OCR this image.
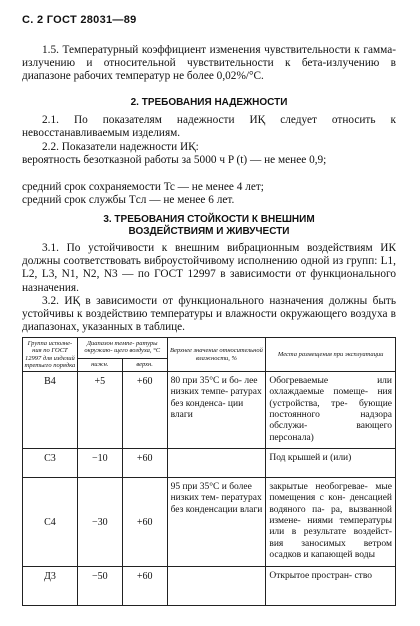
С. 2 ГОСТ 28031—89

1.5. Температурный коэффициент изменения чувствительности к гамма-излучению и относительной чувствительности к бета-излучению в диапазоне рабочих температур не более 0,02%/°С.

2. ТРЕБОВАНИЯ НАДЕЖНОСТИ

2.1. По показателям надежности ИҚ следует относить к невосстанавливаемым изделиям.

2.2. Показатели надежности ИҚ:

вероятность безотказной работы за 5000 ч P (t) — не менее 0,9;

средний срок сохраняемости Tc — не менее 4 лет;

средний срок службы Tсл — не менее 6 лет.

3. ТРЕБОВАНИЯ СТОЙКОСТИ К ВНЕШНИМ

ВОЗДЕЙСТВИЯМ И ЖИВУЧЕСТИ

3.1. По устойчивости к внешним вибрационным воздействиям ИК должны соответствовать виброустойчивому исполнению одной из групп: L1, L2, L3, N1, N2, N3 — по ГОСТ 12997 в зависимости от функционального назначения.

3.2. ИҚ в зависимости от функционального назначения должны быть устойчивы к воздействию температуры и влажности окружающего воздуха в диапазонах, указанных в таблице.

Группа исполне- ния по ГОСТ 12997 для изделий третьего порядка	Диапазон темпе- ратуры окружаю- щего воздуха, °С		Верхнее значение относительной влажности, %	Места размещения при эксплуатации
	нижн.	верхн.		
В4	+5	+60	80 при 35°С и бо- лее низких темпе- ратурах без конденса- ции влаги	Обогреваемые или охлаждаемые помеще- ния (устройства, тре- бующие постоянного надзора обслужи- вающего персонала)
С3	−10	+60		Под крышей и (или)
С4	−30	+60	95 при 35°С и более низких тем- пературах без конденсации влаги	закрытые необогревае- мые помещения с кон- денсацией водяного па- ра, вызванной измене- ниями температуры или в результате воздейст- вия заносимых ветром осадков и капающей воды
Д3	−50	+60		Открытое простран- ство
